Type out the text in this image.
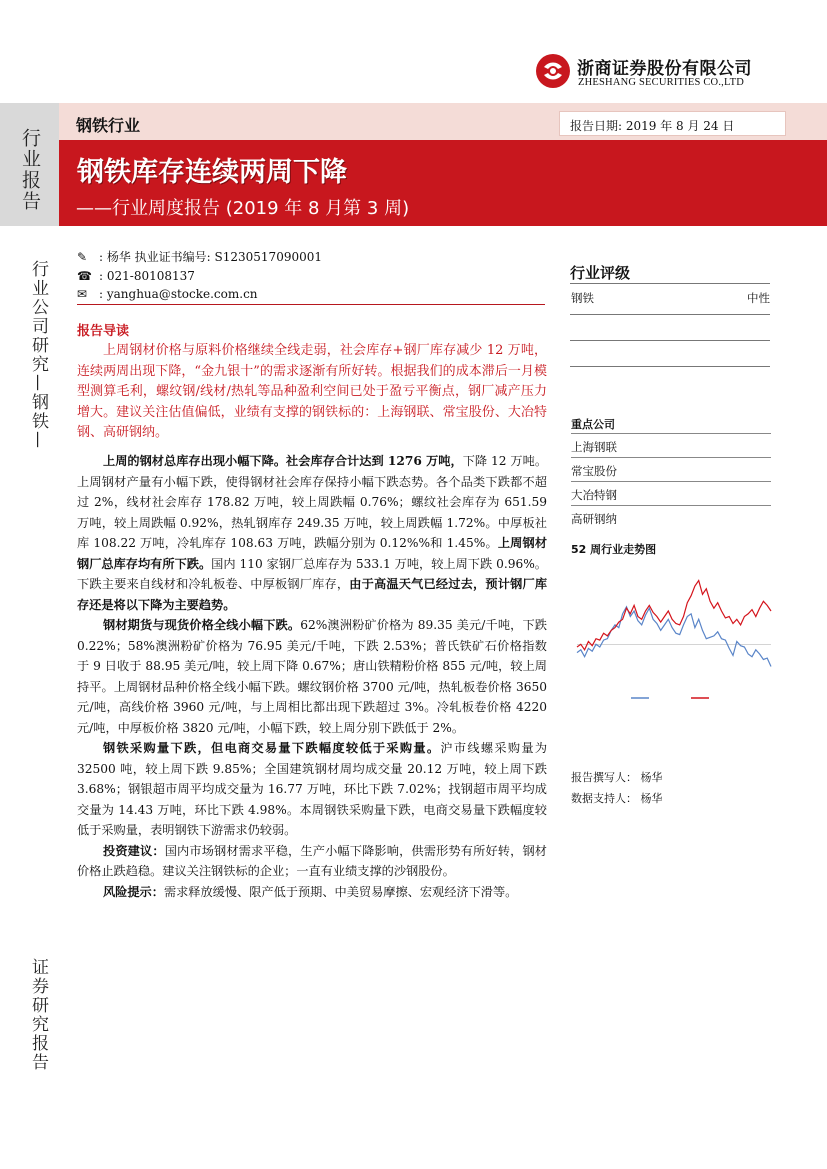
浙商证券股份有限公司
ZHESHANG SECURITIES CO.,LTD
行业报告
行业公司研究—钢铁—
证券研究报告
钢铁行业	报告日期: 2019 年 8 月 24 日
钢铁库存连续两周下降
——行业周度报告 (2019 年 8 月第 3 周)
✎ : 杨华 执业证书编号: S1230517090001
☎ : 021-80108137
✉ : yanghua@stocke.com.cn
报告导读
上周钢材价格与原料价格继续全线走弱，社会库存+钢厂库存减少 12 万吨，连续两周出现下降，“金九银十”的需求逐渐有所好转。根据我们的成本滞后一月模型测算毛利，螺纹钢/线材/热轧等品种盈利空间已处于盈亏平衡点，钢厂减产压力增大。建议关注估值偏低，业绩有支撑的钢铁标的：上海钢联、常宝股份、大冶特钢、高研钢纳。

上周的钢材总库存出现小幅下降。社会库存合计达到 1276 万吨，下降 12 万吨。上周钢材产量有小幅下跌，使得钢材社会库存保持小幅下跌态势。各个品类下跌都不超过 2%，线材社会库存 178.82 万吨，较上周跌幅 0.76%；螺纹社会库存为 651.59 万吨，较上周跌幅 0.92%，热轧钢库存 249.35 万吨，较上周跌幅 1.72%。中厚板社库 108.22 万吨，冷轧库存 108.63 万吨，跌幅分别为 0.12%%和 1.45%。上周钢材钢厂总库存均有所下跌。国内 110 家钢厂总库存为 533.1 万吨，较上周下跌 0.96%。下跌主要来自线材和冷轧板卷、中厚板钢厂库存，由于高温天气已经过去，预计钢厂库存还是将以下降为主要趋势。

钢材期货与现货价格全线小幅下跌。62%澳洲粉矿价格为 89.35 美元/千吨，下跌 0.22%；58%澳洲粉矿价格为 76.95 美元/千吨，下跌 2.53%；普氏铁矿石价格指数于 9 日收于 88.95 美元/吨，较上周下降 0.67%；唐山铁精粉价格 855 元/吨，较上周持平。上周钢材品种价格全线小幅下跌。螺纹钢价格 3700 元/吨，热轧板卷价格 3650 元/吨，高线价格 3960 元/吨，与上周相比都出现下跌超过 3%。冷轧板卷价格 4220 元/吨，中厚板价格 3820 元/吨，小幅下跌，较上周分别下跌低于 2%。

钢铁采购量下跌，但电商交易量下跌幅度较低于采购量。沪市线螺采购量为 32500 吨，较上周下跌 9.85%；全国建筑钢材周均成交量 20.12 万吨，较上周下跌 3.68%；钢银超市周平均成交量为 16.77 万吨，环比下跌 7.02%；找钢超市周平均成交量为 14.43 万吨，环比下跌 4.98%。本周钢铁采购量下跌，电商交易量下跌幅度较低于采购量，表明钢铁下游需求仍较弱。

投资建议：国内市场钢材需求平稳，生产小幅下降影响，供需形势有所好转，钢材价格止跌趋稳。建议关注钢铁标的企业；一直有业绩支撑的沙钢股份。

风险提示：需求释放缓慢、限产低于预期、中美贸易摩擦、宏观经济下滑等。

行业评级
钢铁	中性
重点公司
上海钢联
常宝股份
大冶特钢
高研钢纳
52 周行业走势图
报告撰写人： 杨华
数据支持人： 杨华
